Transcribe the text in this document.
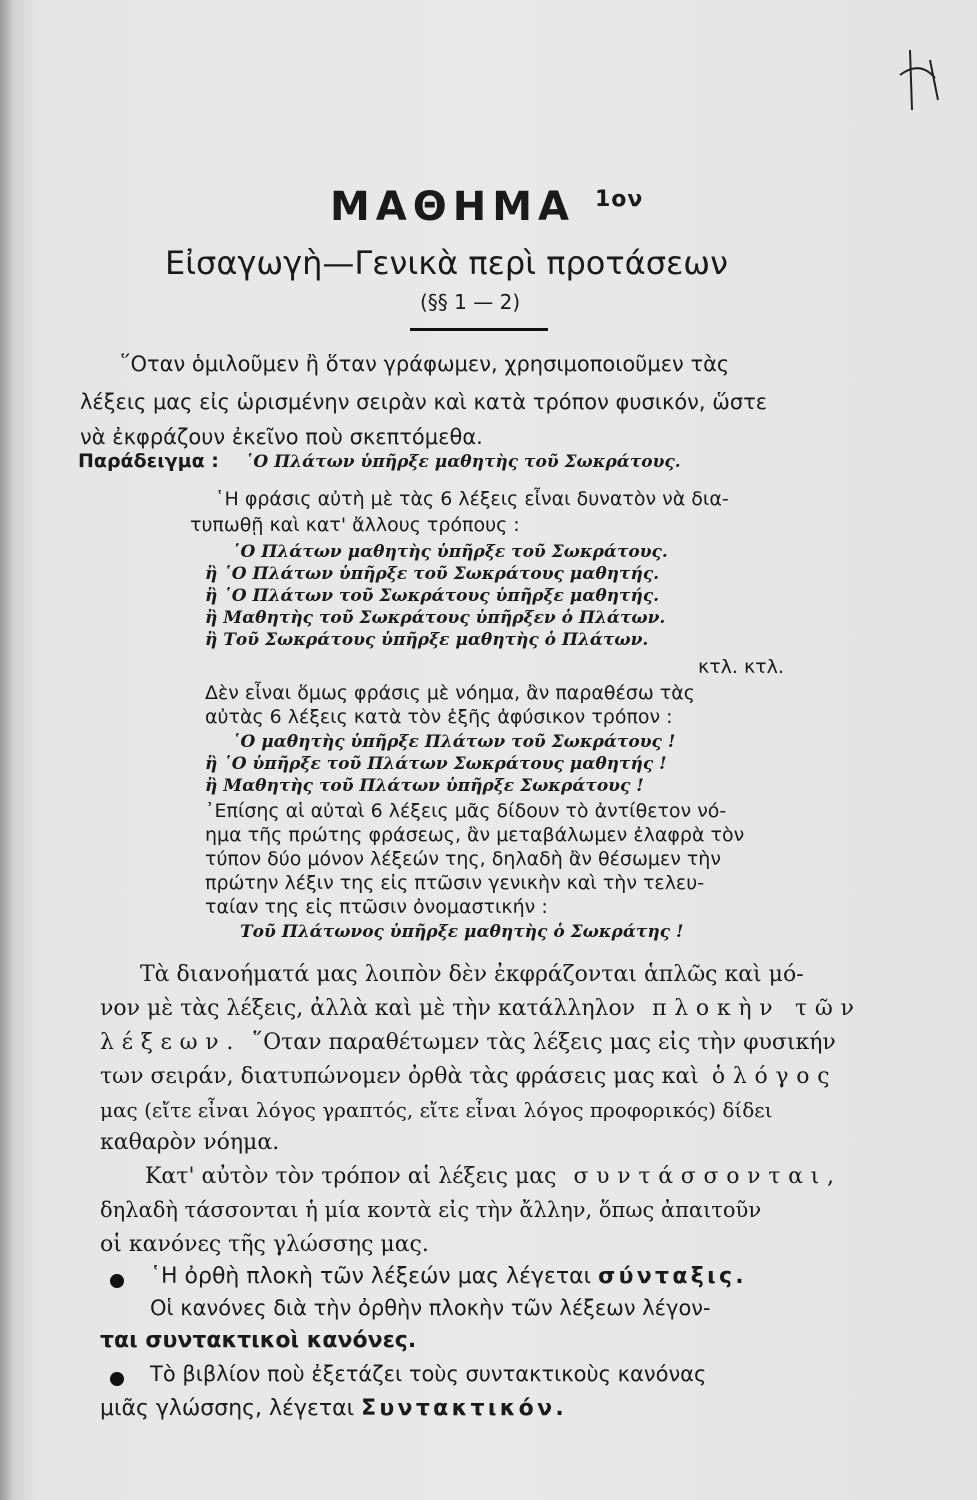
ΜΑΘΗΜΑ $^{1o\nu}$
Εἰσαγωγὴ—Γενικὰ περὶ προτάσεων
(§§ 1 — 2)
῞Οταν ὁμιλοῦμεν ἢ ὅταν γράφωμεν, χρησιμοποιοῦμεν τὰς
λέξεις μας εἰς ὡρισμένην σειρὰν καὶ κατὰ τρόπον φυσικόν, ὥστε
νὰ ἐκφράζουν ἐκεῖνο ποὺ σκεπτόμεθα.
Παράδειγμα : ῾Ο Πλάτων ὑπῆρξε μαθητὴς τοῦ Σωκράτους.
῾Η φράσις αὐτὴ μὲ τὰς 6 λέξεις εἶναι δυνατὸν νὰ δια-
τυπωθῇ καὶ κατ' ἄλλους τρόπους :
῾Ο Πλάτων μαθητὴς ὑπῆρξε τοῦ Σωκράτους.
ἢ ῾Ο Πλάτων ὑπῆρξε τοῦ Σωκράτους μαθητής.
ἢ ῾Ο Πλάτων τοῦ Σωκράτους ὑπῆρξε μαθητής.
ἢ Μαθητὴς τοῦ Σωκράτους ὑπῆρξεν ὁ Πλάτων.
ἢ Τοῦ Σωκράτους ὑπῆρξε μαθητὴς ὁ Πλάτων.
κτλ. κτλ.
Δὲν εἶναι ὅμως φράσις μὲ νόημα, ἂν παραθέσω τὰς
αὐτὰς 6 λέξεις κατὰ τὸν ἑξῆς ἀφύσικον τρόπον :
῾Ο μαθητὴς ὑπῆρξε Πλάτων τοῦ Σωκράτους !
ἢ ῾Ο ὑπῆρξε τοῦ Πλάτων Σωκράτους μαθητής !
ἢ Μαθητὴς τοῦ Πλάτων ὑπῆρξε Σωκράτους !
᾿Επίσης αἱ αὐταὶ 6 λέξεις μᾶς δίδουν τὸ ἀντίθετον νό-
ημα τῆς πρώτης φράσεως, ἂν μεταβάλωμεν ἐλαφρὰ τὸν
τύπον δύο μόνον λέξεών της, δηλαδὴ ἂν θέσωμεν τὴν
πρώτην λέξιν της εἰς πτῶσιν γενικὴν καὶ τὴν τελευ-
ταίαν της εἰς πτῶσιν ὀνομαστικήν :
Τοῦ Πλάτωνος ὑπῆρξε μαθητὴς ὁ Σωκράτης !
Τὰ διανοήματά μας λοιπὸν δὲν ἐκφράζονται ἁπλῶς καὶ μό-
νον μὲ τὰς λέξεις, ἀλλὰ καὶ μὲ τὴν κατάλληλον πλοκὴν τῶν
λέξεων. ῞Οταν παραθέτωμεν τὰς λέξεις μας εἰς τὴν φυσικήν
των σειράν, διατυπώνομεν ὀρθὰ τὰς φράσεις μας καὶ ὁλόγος
μας (εἴτε εἶναι λόγος γραπτός, εἴτε εἶναι λόγος προφορικός) δίδει
καθαρὸν νόημα.
Κατ' αὐτὸν τὸν τρόπον αἱ λέξεις μας συντάσσονται,
δηλαδὴ τάσσονται ἡ μία κοντὰ εἰς τὴν ἄλλην, ὅπως ἀπαιτοῦν
οἱ κανόνες τῆς γλώσσης μας.
῾Η ὀρθὴ πλοκὴ τῶν λέξεών μας λέγεται σύνταξις.
Οἱ κανόνες διὰ τὴν ὀρθὴν πλοκὴν τῶν λέξεων λέγον-
ται συντακτικοὶ κανόνες.
Τὸ βιβλίον ποὺ ἐξετάζει τοὺς συντακτικοὺς κανόνας
μιᾶς γλώσσης, λέγεται Συντακτικόν.
